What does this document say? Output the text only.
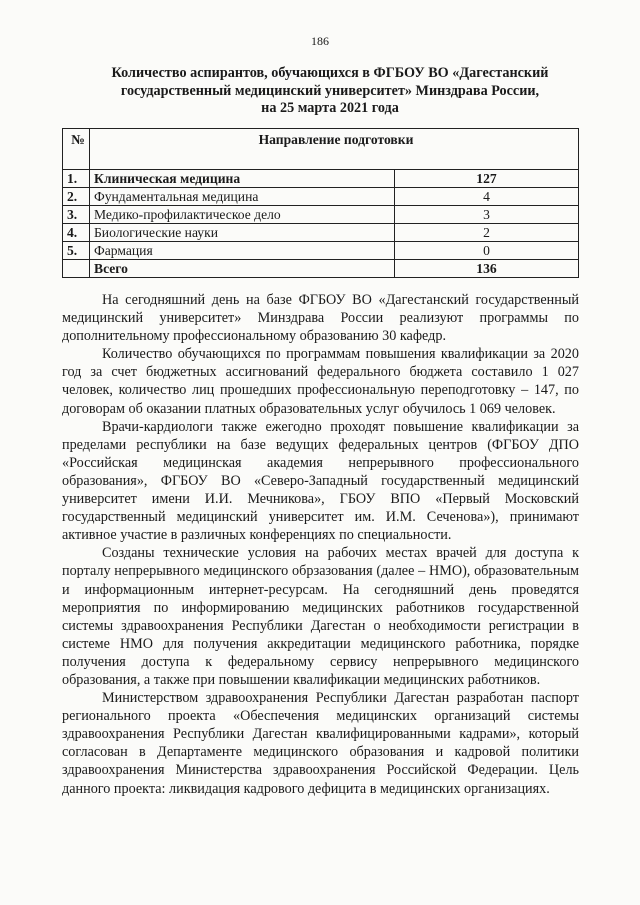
186
Количество аспирантов, обучающихся в ФГБОУ ВО «Дагестанский
государственный медицинский университет» Минздрава России,
на 25 марта 2021 года
№	Направление подготовки	
1.	Клиническая медицина	127
2.	Фундаментальная медицина	4
3.	Медико-профилактическое дело	3
4.	Биологические науки	2
5.	Фармация	0
	Всего	136

На сегодняшний день на базе ФГБОУ ВО «Дагестанский государственный медицинский университет» Минздрава России реализуют программы по дополнительному профессиональному образованию 30 кафедр.

Количество обучающихся по программам повышения квалификации за 2020 год за счет бюджетных ассигнований федерального бюджета составило 1 027 человек, количество лиц прошедших профессиональную переподготовку – 147, по договорам об оказании платных образовательных услуг обучилось 1 069 человек.

Врачи-кардиологи также ежегодно проходят повышение квалификации за пределами республики на базе ведущих федеральных центров (ФГБОУ ДПО «Российская медицинская академия непрерывного профессионального образования», ФГБОУ ВО «Северо-Западный государственный медицинский университет имени И.И. Мечникова», ГБОУ ВПО «Первый Московский государственный медицинский университет им. И.М. Сеченова»), принимают активное участие в различных конференциях по специальности.

Созданы технические условия на рабочих местах врачей для доступа к порталу непрерывного медицинского обрзазования (далее – НМО), образовательным и информационным интернет-ресурсам. На сегодняшний день проведятся мероприятия по информированию медицинских работников государственной системы здравоохранения Республики Дагестан о необходимости регистрации в системе НМО для получения аккредитации медицинского работника, порядке получения доступа к федеральному сервису непрерывного медицинского образования, а также при повышении квалификации медицинских работников.

Министерством здравоохранения Республики Дагестан разработан паспорт регионального проекта «Обеспечения медицинских организаций системы здравоохранения Республики Дагестан квалифицированными кадрами», который согласован в Департаменте медицинского образования и кадровой политики здравоохранения Министерства здравоохранения Российской Федерации. Цель данного проекта: ликвидация кадрового дефицита в медицинских организациях.
